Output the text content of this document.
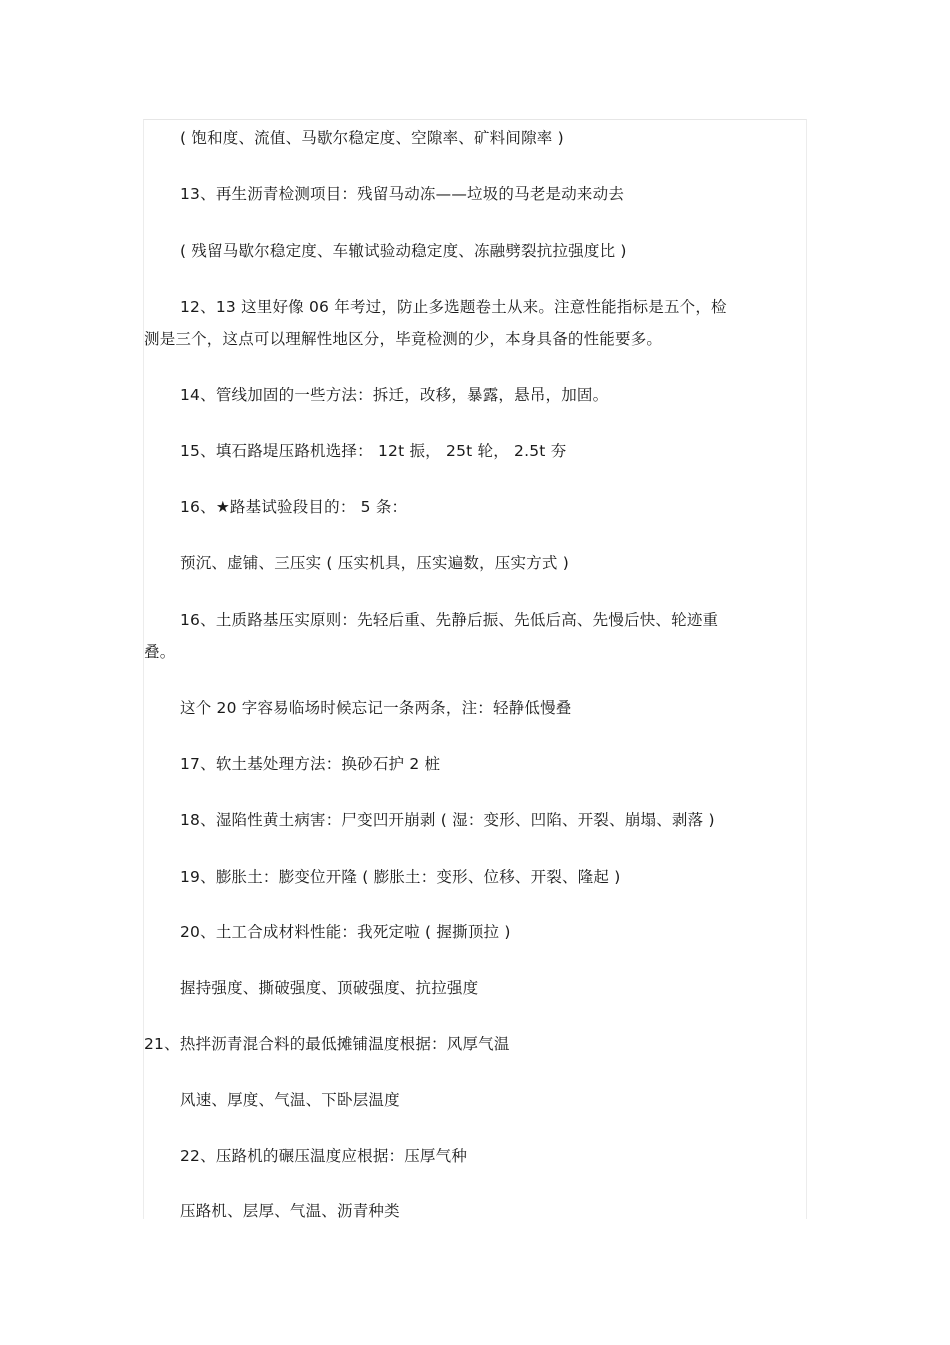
( 饱和度、流值、马歇尔稳定度、空隙率、矿料间隙率 )
13、再生沥青检测项目：残留马动冻——垃圾的马老是动来动去
( 残留马歇尔稳定度、车辙试验动稳定度、冻融劈裂抗拉强度比 )
12、13 这里好像 06 年考过，防止多选题卷土从来。注意性能指标是五个，检
测是三个，这点可以理解性地区分，毕竟检测的少，本身具备的性能要多。
14、管线加固的一些方法：拆迁，改移，暴露，悬吊，加固。
15、填石路堤压路机选择： 12t 振， 25t 轮， 2.5t 夯
16、★路基试验段目的： 5 条：
预沉、虚铺、三压实 ( 压实机具，压实遍数，压实方式 )
16、土质路基压实原则：先轻后重、先静后振、先低后高、先慢后快、轮迹重
叠。
这个 20 字容易临场时候忘记一条两条，注：轻静低慢叠
17、软土基处理方法：换砂石护 2 桩
18、湿陷性黄土病害：尸变凹开崩剥 ( 湿：变形、凹陷、开裂、崩塌、剥落 )
19、膨胀土：膨变位开隆 ( 膨胀土：变形、位移、开裂、隆起 )
20、土工合成材料性能：我死定啦 ( 握撕顶拉 )
握持强度、撕破强度、顶破强度、抗拉强度
21、热拌沥青混合料的最低摊铺温度根据：风厚气温
风速、厚度、气温、下卧层温度
22、压路机的碾压温度应根据：压厚气种
压路机、层厚、气温、沥青种类
